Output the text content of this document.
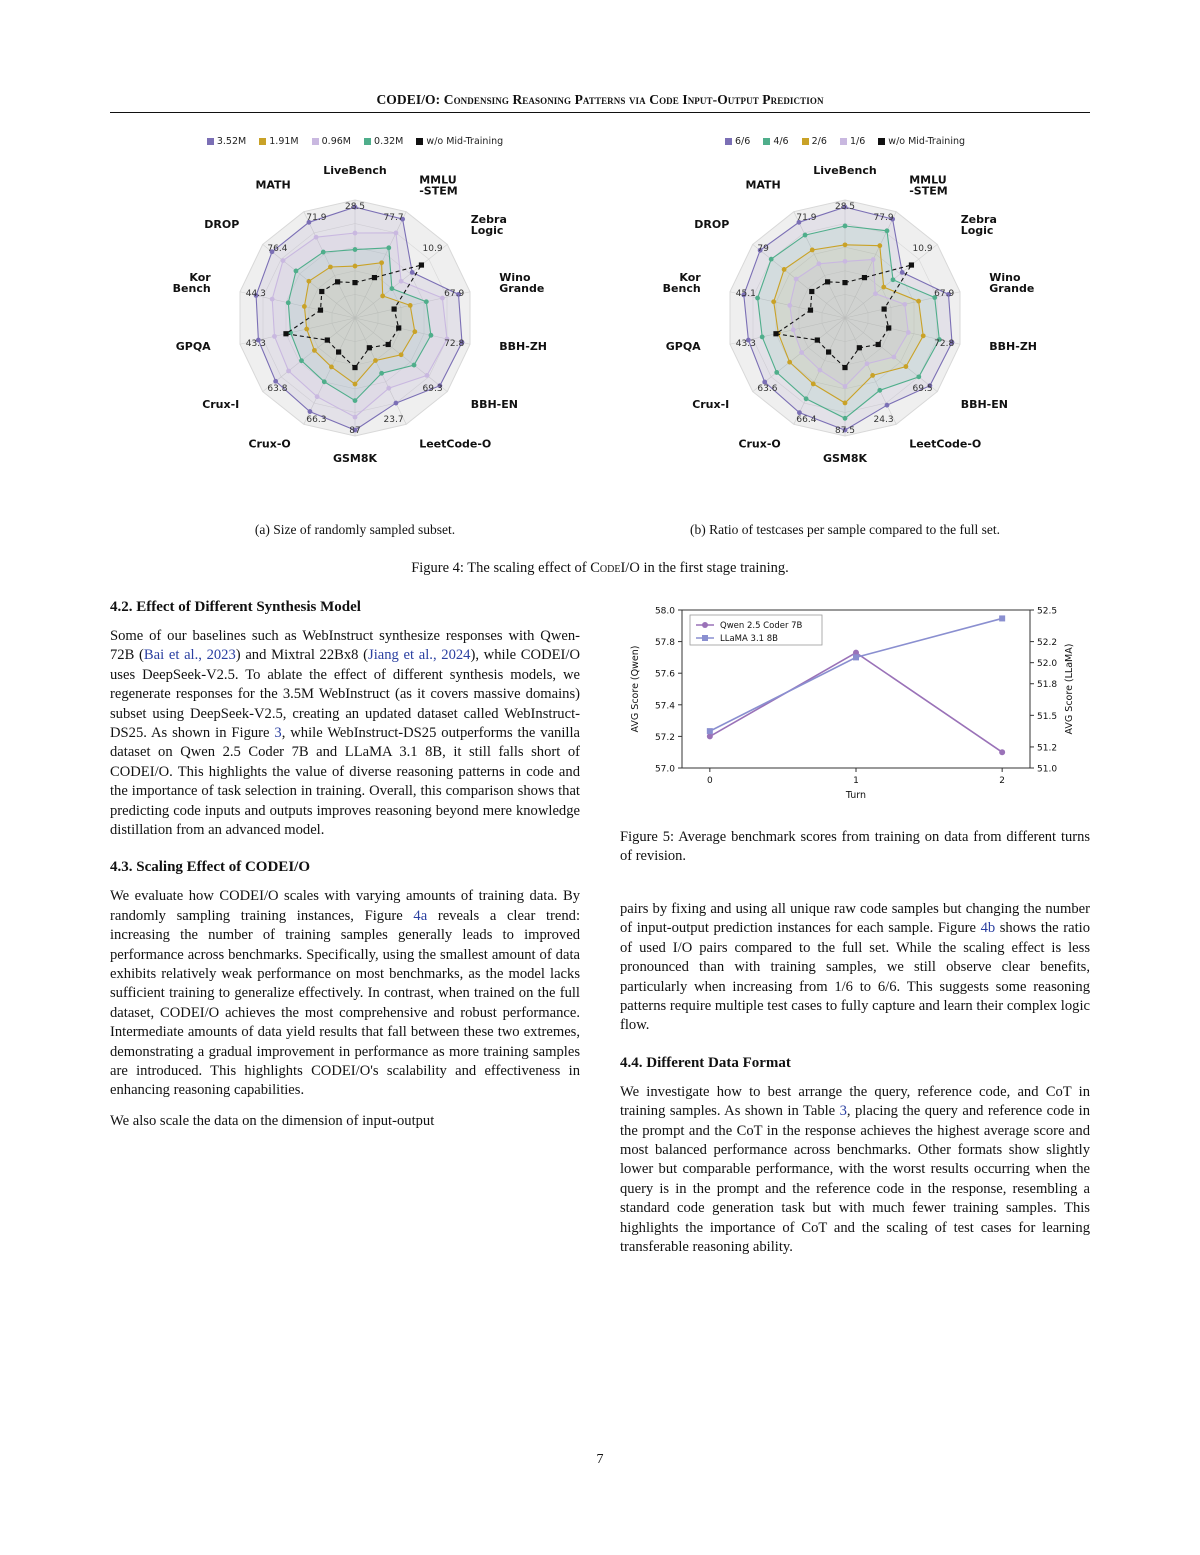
CODEI/O: Condensing Reasoning Patterns via Code Input-Output Prediction
3.52M 1.91M 0.96M 0.32M w/o Mid-Training
LiveBench
28.5
MMLU
-STEM
77.7	Zebra
Logic
10.9
Wino
Grande
67.9
BBH-ZH
72.8
BBH-EN
69.3
LeetCode-O
23.7
GSM8K
87
Crux-O
66.3
Crux-I
63.8
GPQA	43.3
Kor
Bench	44.3
DROP
76.4
MATH
71.9
(a) Size of randomly sampled subset.
6/6 4/6 2/6 1/6 w/o Mid-Training
LiveBench
28.5
MMLU
-STEM
77.9	Zebra
Logic
10.9
Wino
Grande
67.9
BBH-ZH
72.8
BBH-EN
69.5
LeetCode-O
24.3
GSM8K
87.5
Crux-O
66.4
Crux-I
63.6
GPQA	43.3
Kor
Bench	45.1
DROP
79
MATH
71.9
(b) Ratio of testcases per sample compared to the full set.
Figure 4: The scaling effect of CodeI/O in the first stage training.
4.2. Effect of Different Synthesis Model

Some of our baselines such as WebInstruct synthesize responses with Qwen-72B (Bai et al., 2023) and Mixtral 22Bx8 (Jiang et al., 2024), while CODEI/O uses DeepSeek-V2.5. To ablate the effect of different synthesis models, we regenerate responses for the 3.5M WebInstruct (as it covers massive domains) subset using DeepSeek-V2.5, creating an updated dataset called WebInstruct-DS25. As shown in Figure 3, while WebInstruct-DS25 outperforms the vanilla dataset on Qwen 2.5 Coder 7B and LLaMA 3.1 8B, it still falls short of CODEI/O. This highlights the value of diverse reasoning patterns in code and the importance of task selection in training. Overall, this comparison shows that predicting code inputs and outputs improves reasoning beyond mere knowledge distillation from an advanced model.

4.3. Scaling Effect of CODEI/O

We evaluate how CODEI/O scales with varying amounts of training data. By randomly sampling training instances, Figure 4a reveals a clear trend: increasing the number of training samples generally leads to improved performance across benchmarks. Specifically, using the smallest amount of data exhibits relatively weak performance on most benchmarks, as the model lacks sufficient training to generalize effectively. In contrast, when trained on the full dataset, CODEI/O achieves the most comprehensive and robust performance. Intermediate amounts of data yield results that fall between these two extremes, demonstrating a gradual improvement in performance as more training samples are introduced. This highlights CODEI/O's scalability and effectiveness in enhancing reasoning capabilities.

We also scale the data on the dimension of input-output

57.0
57.2
57.4
57.6
57.8
58.0
51.0
51.2
51.5
51.8
52.0
52.2
52.5
0	1	2
Turn
AVG Score (Qwen)	AVG Score (LLaMA)
Qwen 2.5 Coder 7B
LLaMA 3.1 8B
Figure 5: Average benchmark scores from training on data from different turns of revision.

pairs by fixing and using all unique raw code samples but changing the number of input-output prediction instances for each sample. Figure 4b shows the ratio of used I/O pairs compared to the full set. While the scaling effect is less pronounced than with training samples, we still observe clear benefits, particularly when increasing from 1/6 to 6/6. This suggests some reasoning patterns require multiple test cases to fully capture and learn their complex logic flow.

4.4. Different Data Format

We investigate how to best arrange the query, reference code, and CoT in training samples. As shown in Table 3, placing the query and reference code in the prompt and the CoT in the response achieves the highest average score and most balanced performance across benchmarks. Other formats show slightly lower but comparable performance, with the worst results occurring when the query is in the prompt and the reference code in the response, resembling a standard code generation task but with much fewer training samples. This highlights the importance of CoT and the scaling of test cases for learning transferable reasoning ability.

7
